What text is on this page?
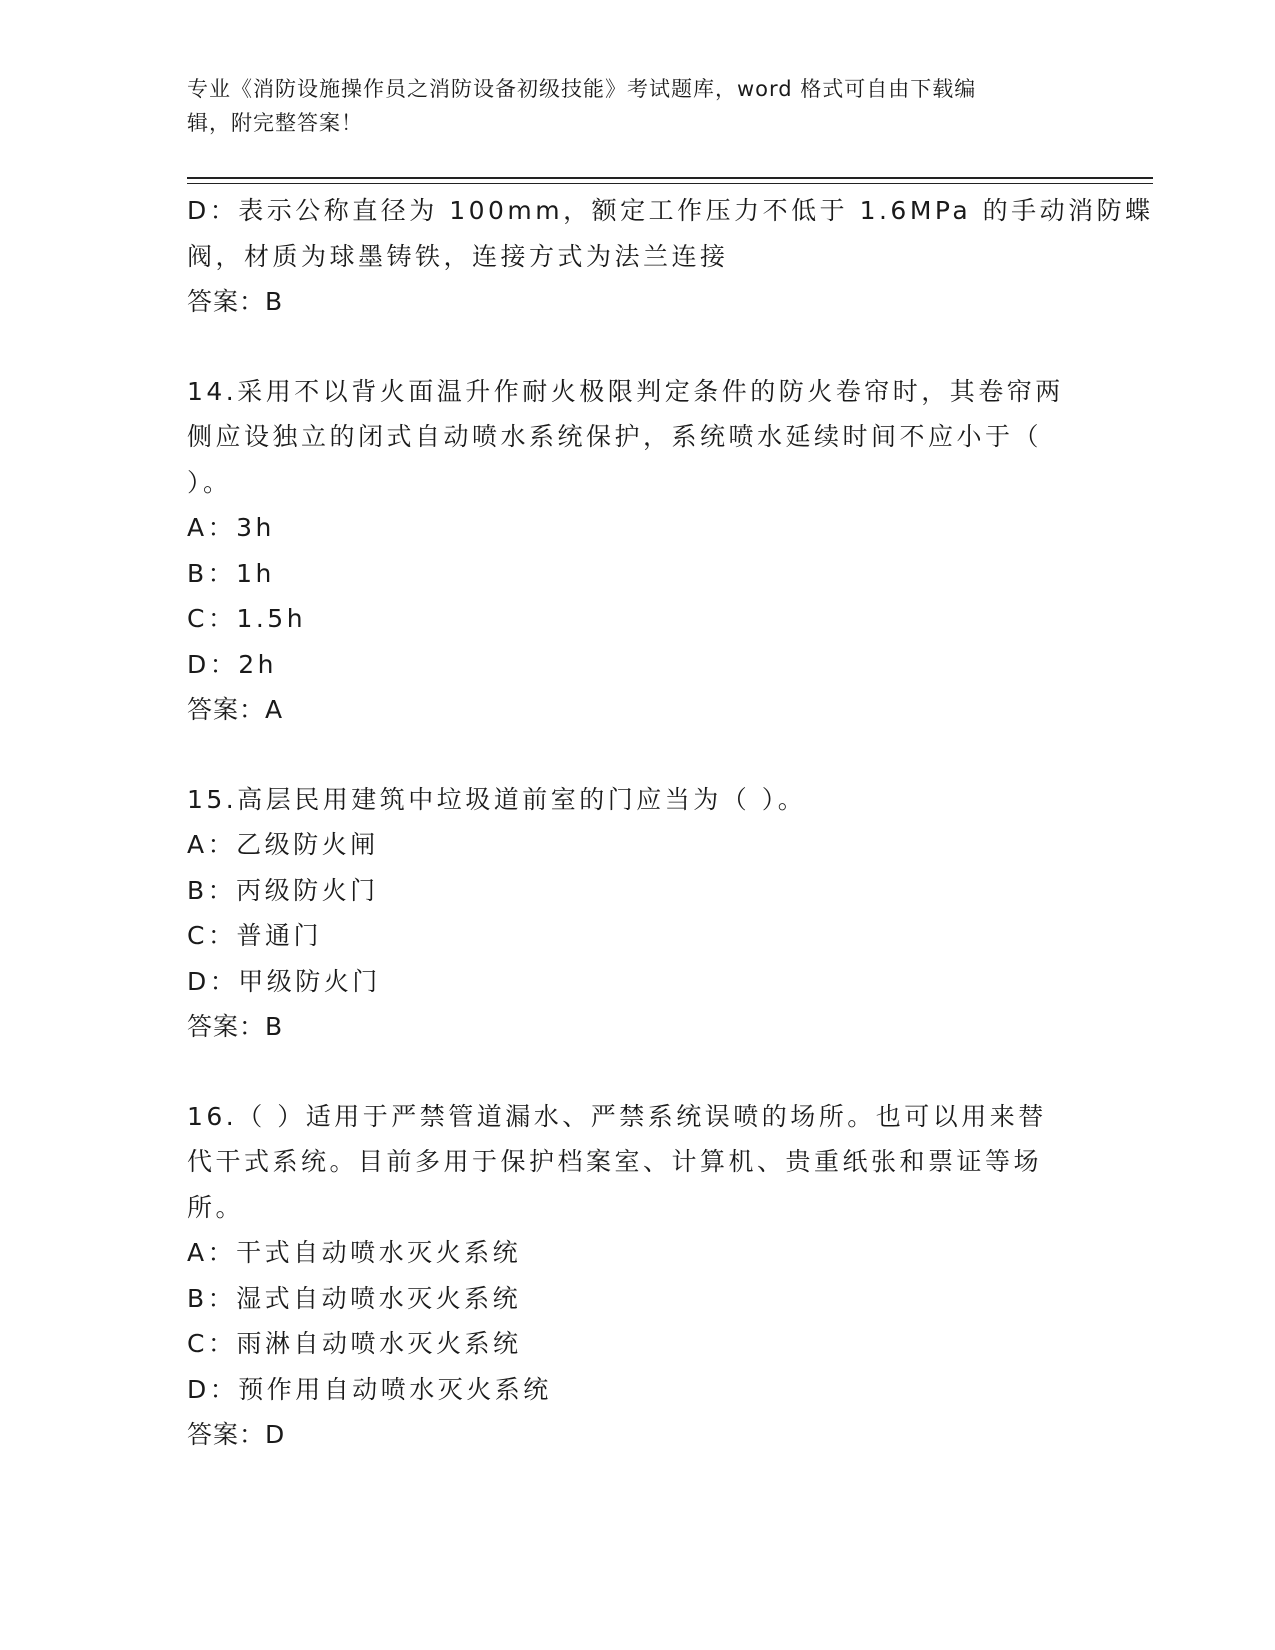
专业《消防设施操作员之消防设备初级技能》考试题库，word 格式可自由下载编
辑，附完整答案！
D：表示公称直径为 100mm，额定工作压力不低于 1.6MPa 的手动消防蝶
阀，材质为球墨铸铁，连接方式为法兰连接
答案：B
14.采用不以背火面温升作耐火极限判定条件的防火卷帘时，其卷帘两
侧应设独立的闭式自动喷水系统保护，系统喷水延续时间不应小于（
）。
A：3h
B：1h
C：1.5h
D：2h
答案：A
15.高层民用建筑中垃圾道前室的门应当为（ ）。
A：乙级防火闸
B：丙级防火门
C：普通门
D：甲级防火门
答案：B
16.（ ）适用于严禁管道漏水、严禁系统误喷的场所。也可以用来替
代干式系统。目前多用于保护档案室、计算机、贵重纸张和票证等场
所。
A：干式自动喷水灭火系统
B：湿式自动喷水灭火系统
C：雨淋自动喷水灭火系统
D：预作用自动喷水灭火系统
答案：D
